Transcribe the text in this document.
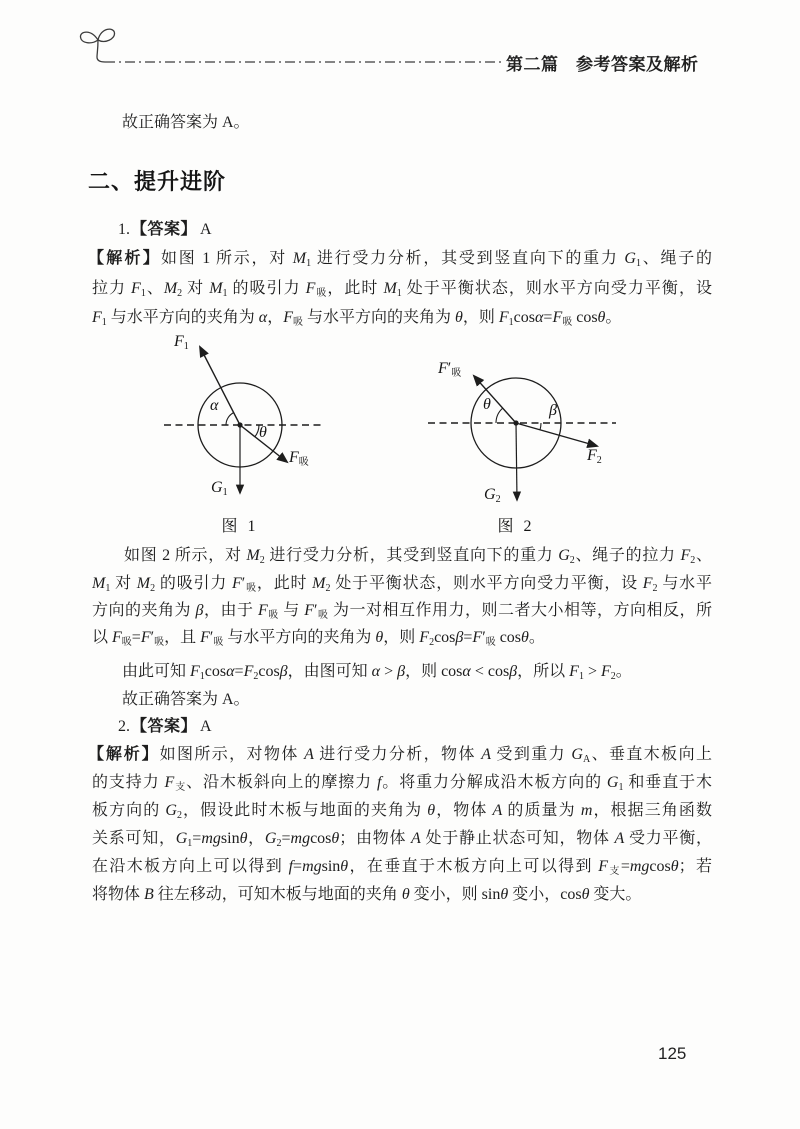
第二篇　参考答案及解析
故正确答案为 A。
二、提升进阶
1.【答案】 A
【解析】如图 1 所示，对 M1 进行受力分析，其受到竖直向下的重力 G1、绳子的
拉力 F1、M2 对 M1 的吸引力 F吸，此时 M1 处于平衡状态，则水平方向受力平衡，设
F1 与水平方向的夹角为 α，F吸 与水平方向的夹角为 θ，则 F1cosα=F吸 cosθ。
F1
α
θ
F吸
G1
图 1
F′吸
θ	β
F2
G2
图 2
如图 2 所示，对 M2 进行受力分析，其受到竖直向下的重力 G2、绳子的拉力 F2、
M1 对 M2 的吸引力 F′吸，此时 M2 处于平衡状态，则水平方向受力平衡，设 F2 与水平
方向的夹角为 β，由于 F吸 与 F′吸 为一对相互作用力，则二者大小相等，方向相反，所
以 F吸=F′吸，且 F′吸 与水平方向的夹角为 θ，则 F2cosβ=F′吸 cosθ。
由此可知 F1cosα=F2cosβ，由图可知 α > β，则 cosα < cosβ，所以 F1 > F2。
故正确答案为 A。
2.【答案】 A
【解析】如图所示，对物体 A 进行受力分析，物体 A 受到重力 GA、垂直木板向上
的支持力 F支、沿木板斜向上的摩擦力 f。将重力分解成沿木板方向的 G1 和垂直于木
板方向的 G2，假设此时木板与地面的夹角为 θ，物体 A 的质量为 m，根据三角函数
关系可知，G1=mgsinθ，G2=mgcosθ；由物体 A 处于静止状态可知，物体 A 受力平衡，
在沿木板方向上可以得到 f=mgsinθ，在垂直于木板方向上可以得到 F支=mgcosθ；若
将物体 B 往左移动，可知木板与地面的夹角 θ 变小，则 sinθ 变小，cosθ 变大。
125
